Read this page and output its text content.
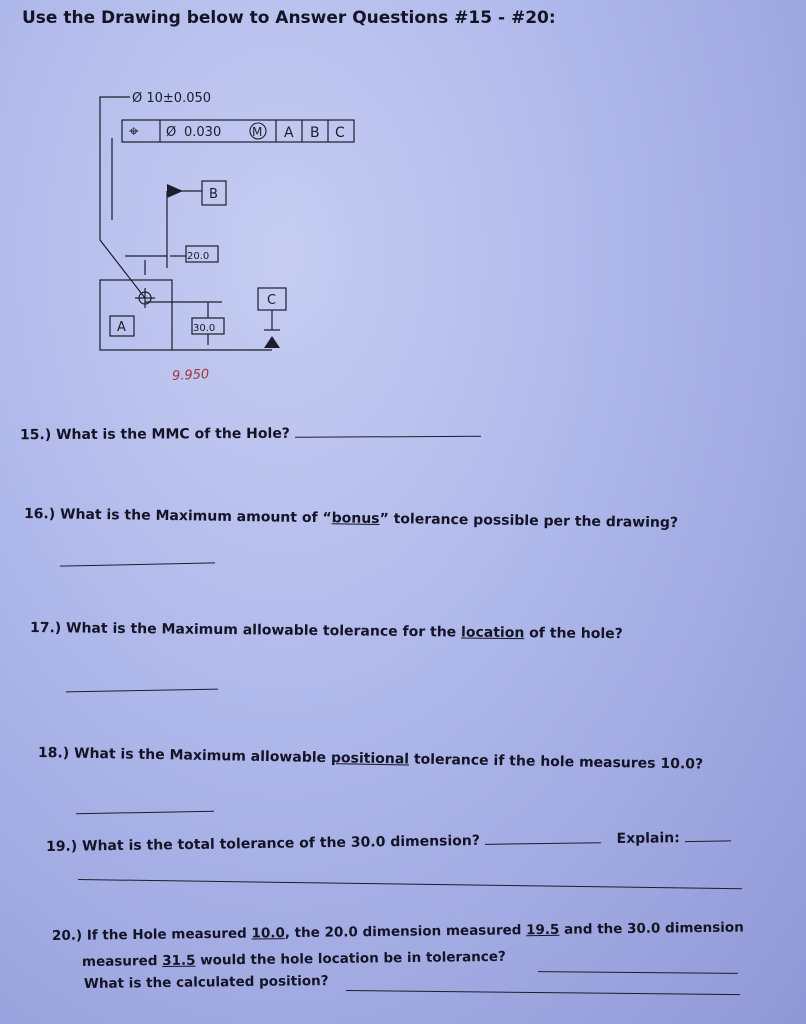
Use the Drawing below to Answer Questions #15 - #20:
Ø 10±0.050
⌖ Ø 0.030	M A B C
B
20.0
30.0
C
A
9.950
15.) What is the MMC of the Hole?
16.) What is the Maximum amount of “bonus” tolerance possible per the drawing?
17.) What is the Maximum allowable tolerance for the location of the hole?
18.) What is the Maximum allowable positional tolerance if the hole measures 10.0?
19.) What is the total tolerance of the 30.0 dimension?	Explain:
20.) If the Hole measured 10.0, the 20.0 dimension measured 19.5 and the 30.0 dimension
measured 31.5 would the hole location be in tolerance?
What is the calculated position?
